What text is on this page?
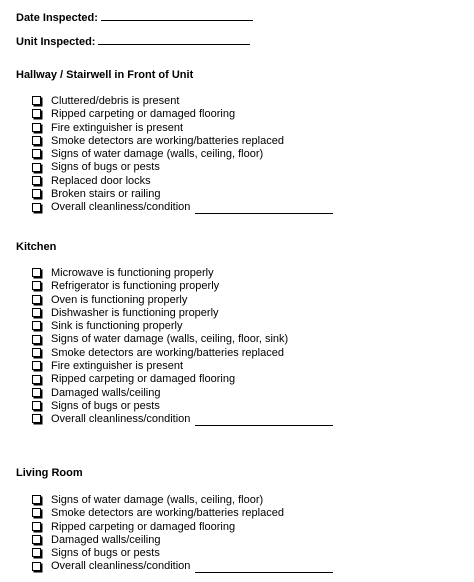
Date Inspected:
Unit Inspected:
Hallway / Stairwell in Front of Unit
Cluttered/debris is present
Ripped carpeting or damaged flooring
Fire extinguisher is present
Smoke detectors are working/batteries replaced
Signs of water damage (walls, ceiling, floor)
Signs of bugs or pests
Replaced door locks
Broken stairs or railing
Overall cleanliness/condition
Kitchen
Microwave is functioning properly
Refrigerator is functioning properly
Oven is functioning properly
Dishwasher is functioning properly
Sink is functioning properly
Signs of water damage (walls, ceiling, floor, sink)
Smoke detectors are working/batteries replaced
Fire extinguisher is present
Ripped carpeting or damaged flooring
Damaged walls/ceiling
Signs of bugs or pests
Overall cleanliness/condition
Living Room
Signs of water damage (walls, ceiling, floor)
Smoke detectors are working/batteries replaced
Ripped carpeting or damaged flooring
Damaged walls/ceiling
Signs of bugs or pests
Overall cleanliness/condition
